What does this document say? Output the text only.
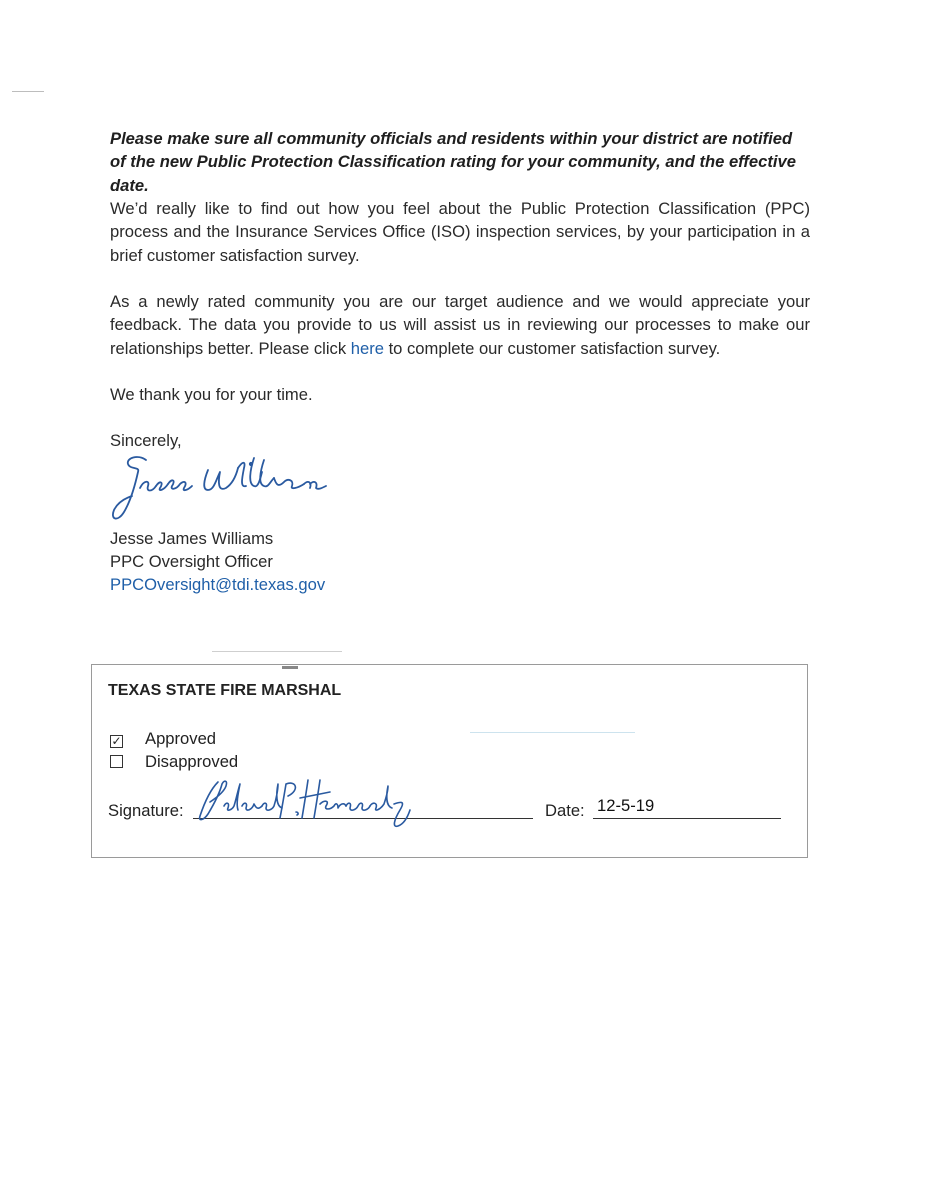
Please make sure all community officials and residents within your district are notified of the new Public Protection Classification rating for your community, and the effective date.

We’d really like to find out how you feel about the Public Protection Classification (PPC) process and the Insurance Services Office (ISO) inspection services, by your participation in a brief customer satisfaction survey.

As a newly rated community you are our target audience and we would appreciate your feedback. The data you provide to us will assist us in reviewing our processes to make our relationships better. Please click here to complete our customer satisfaction survey.

We thank you for your time.

Sincerely,

Jesse James Williams

PPC Oversight Officer

PPCOversight@tdi.texas.gov
TEXAS STATE FIRE MARSHAL
✓ Approved
Disapproved
Signature:	Date: 12-5-19
